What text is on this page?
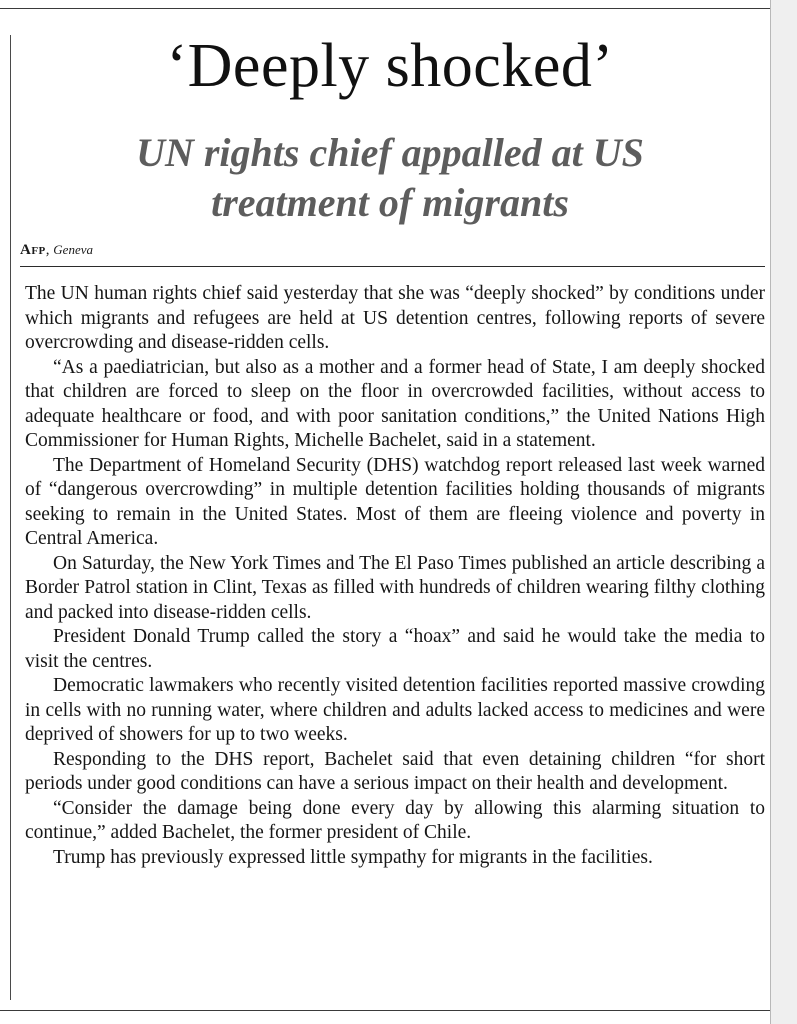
‘Deeply shocked’
UN rights chief appalled at US
treatment of migrants
Afp, Geneva

The UN human rights chief said yesterday that she was “deeply shocked” by conditions under which migrants and refugees are held at US detention centres, following reports of severe overcrowding and disease-ridden cells.

“As a paediatrician, but also as a mother and a former head of State, I am deeply shocked that children are forced to sleep on the floor in overcrowded facilities, without access to adequate healthcare or food, and with poor sanitation conditions,” the United Nations High Commissioner for Human Rights, Michelle Bachelet, said in a statement.

The Department of Homeland Security (DHS) watchdog report released last week warned of “dangerous overcrowding” in multiple detention facilities holding thousands of migrants seeking to remain in the United States. Most of them are fleeing violence and poverty in Central America.

On Saturday, the New York Times and The El Paso Times published an article describing a Border Patrol station in Clint, Texas as filled with hundreds of children wearing filthy clothing and packed into disease-ridden cells.

President Donald Trump called the story a “hoax” and said he would take the media to visit the centres.

Democratic lawmakers who recently visited detention facilities reported massive crowding in cells with no running water, where children and adults lacked access to medicines and were deprived of showers for up to two weeks.

Responding to the DHS report, Bachelet said that even detaining children “for short periods under good conditions can have a serious impact on their health and development.

“Consider the damage being done every day by allowing this alarming situation to continue,” added Bachelet, the former president of Chile.

Trump has previously expressed little sympathy for migrants in the facilities.
